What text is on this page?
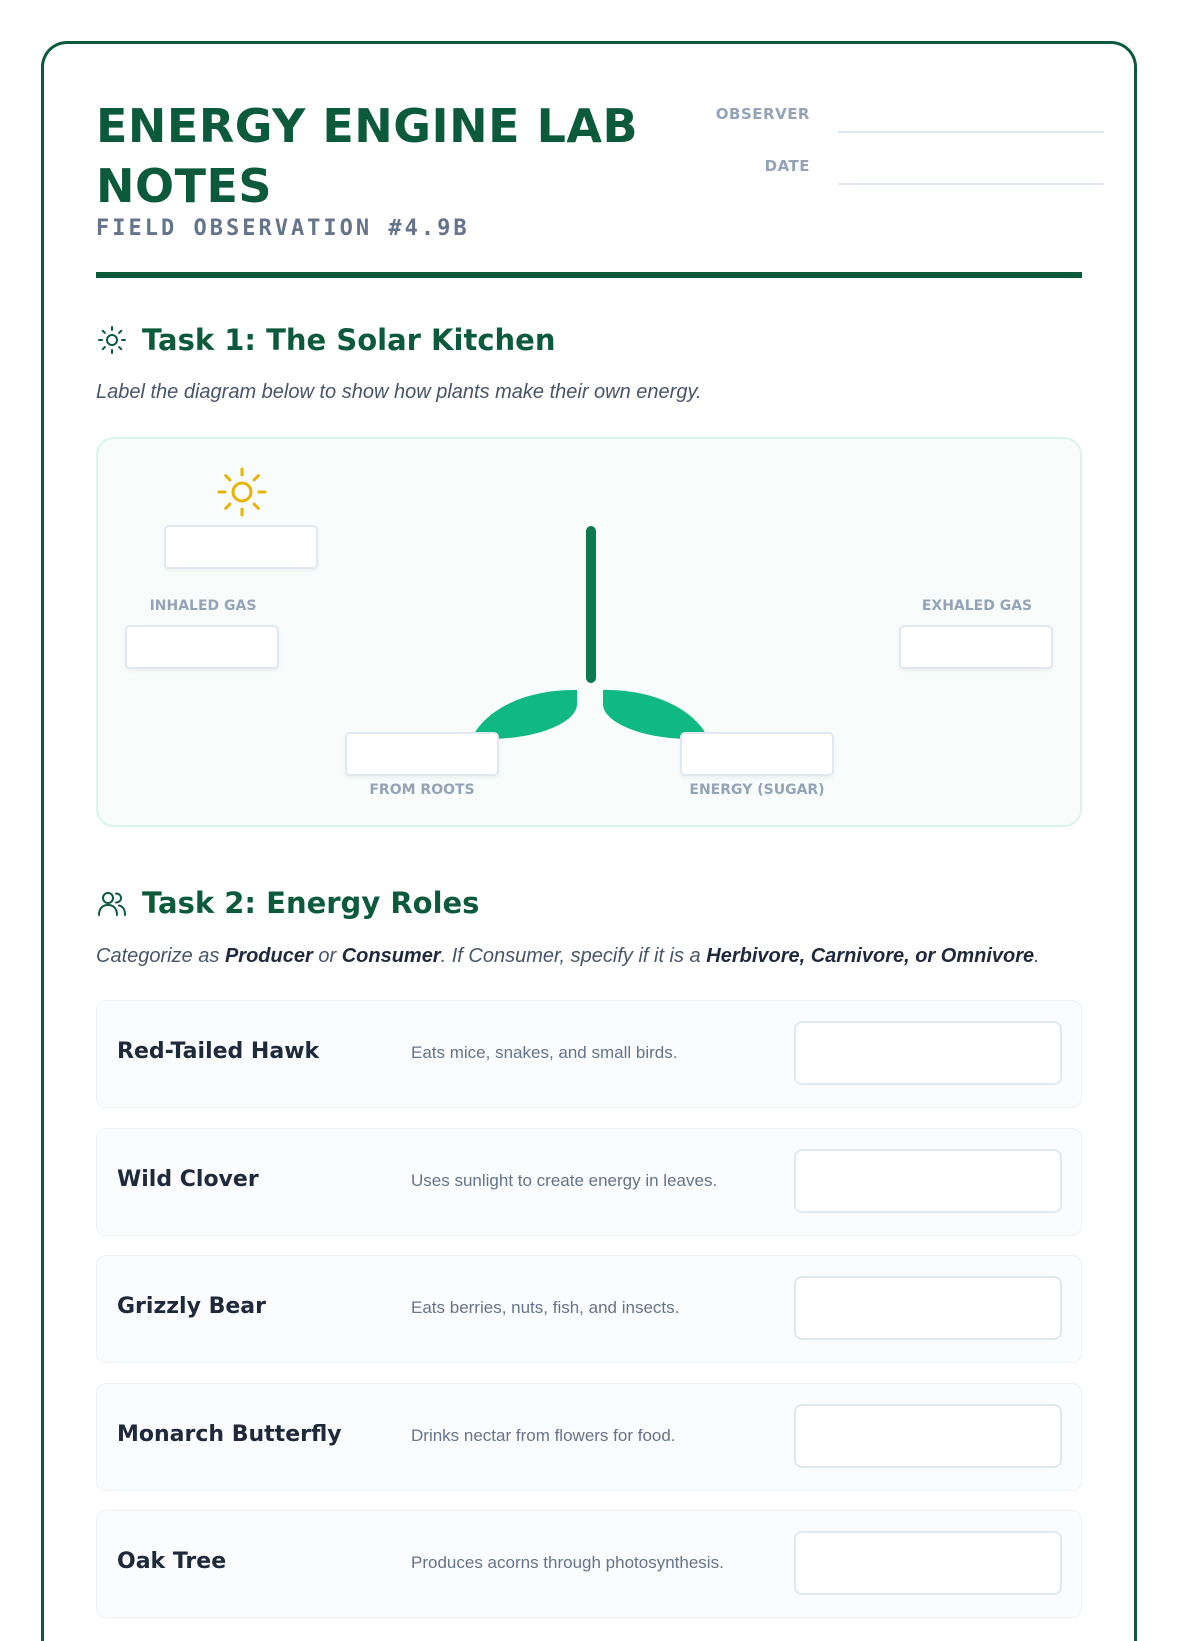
ENERGY ENGINE LAB NOTES
FIELD OBSERVATION #4.9B
OBSERVER
DATE
Task 1: The Solar Kitchen
Label the diagram below to show how plants make their own energy.
INHALED GAS	EXHALED GAS
FROM ROOTS	ENERGY (SUGAR)
Task 2: Energy Roles
Categorize as Producer or Consumer. If Consumer, specify if it is a Herbivore, Carnivore, or Omnivore.
Red-Tailed Hawk	Eats mice, snakes, and small birds.
Wild Clover	Uses sunlight to create energy in leaves.
Grizzly Bear	Eats berries, nuts, fish, and insects.
Monarch Butterfly	Drinks nectar from flowers for food.
Oak Tree	Produces acorns through photosynthesis.
